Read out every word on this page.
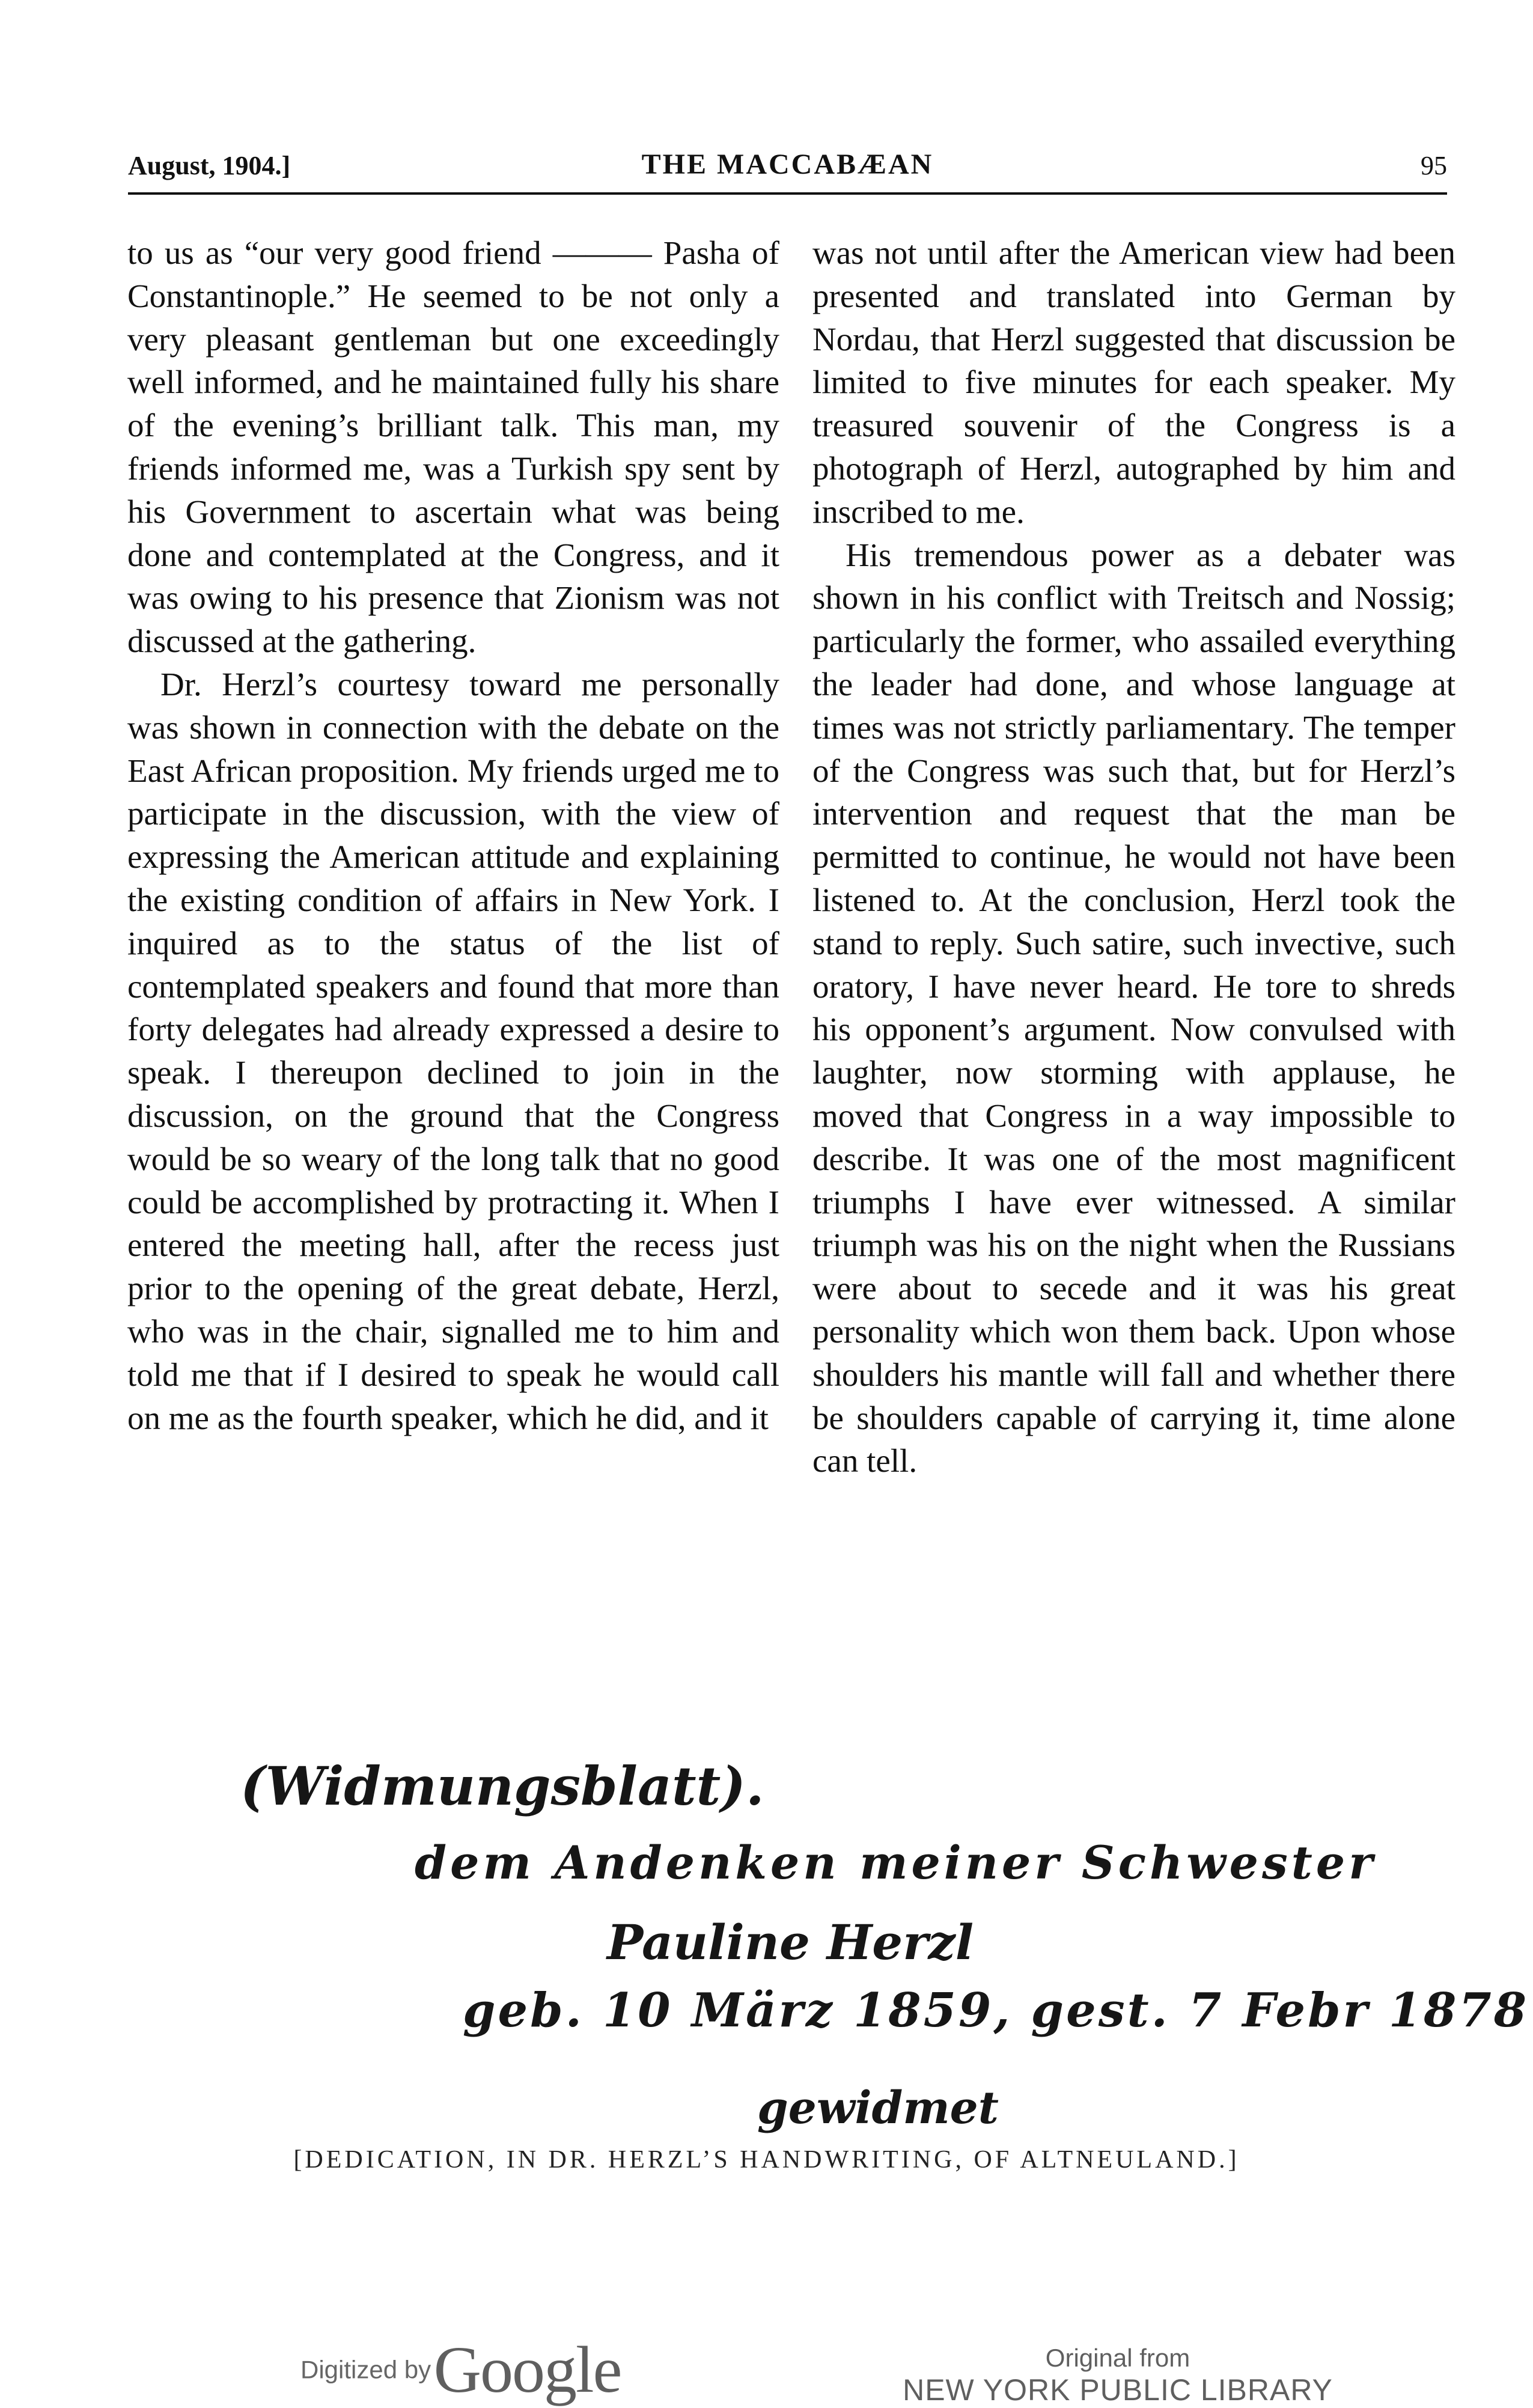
August, 1904.]	THE MACCABÆAN	95

to us as “our very good friend ——— Pasha of Constantinople.” He seemed to be not only a very pleasant gentleman but one exceedingly well informed, and he maintained fully his share of the evening’s brilliant talk. This man, my friends informed me, was a Turkish spy sent by his Government to ascertain what was being done and contemplated at the Congress, and it was owing to his presence that Zionism was not discussed at the gathering.

Dr. Herzl’s courtesy toward me personally was shown in connection with the debate on the East African proposition. My friends urged me to participate in the discussion, with the view of expressing the American attitude and explaining the existing condition of affairs in New York. I inquired as to the status of the list of contemplated speakers and found that more than forty delegates had already expressed a desire to speak. I thereupon declined to join in the discussion, on the ground that the Congress would be so weary of the long talk that no good could be accomplished by protracting it. When I entered the meeting hall, after the recess just prior to the opening of the great debate, Herzl, who was in the chair, signalled me to him and told me that if I desired to speak he would call on me as the fourth speaker, which he did, and it

was not until after the American view had been presented and translated into German by Nordau, that Herzl suggested that discussion be limited to five minutes for each speaker. My treasured souvenir of the Congress is a photograph of Herzl, autographed by him and inscribed to me.

His tremendous power as a debater was shown in his conflict with Treitsch and Nossig; particularly the former, who assailed everything the leader had done, and whose language at times was not strictly parliamentary. The temper of the Congress was such that, but for Herzl’s intervention and request that the man be permitted to continue, he would not have been listened to. At the conclusion, Herzl took the stand to reply. Such satire, such invective, such oratory, I have never heard. He tore to shreds his opponent’s argument. Now convulsed with laughter, now storming with applause, he moved that Congress in a way impossible to describe. It was one of the most magnificent triumphs I have ever witnessed. A similar triumph was his on the night when the Russians were about to secede and it was his great personality which won them back. Upon whose shoulders his mantle will fall and whether there be shoulders capable of carrying it, time alone can tell.

(Widmungsblatt).
dem Andenken meiner Schwester
Pauline Herzl
geb. 10 März 1859, gest. 7 Febr 1878
gewidmet
[DEDICATION, IN DR. HERZL’S HANDWRITING, OF ALTNEULAND.]
Digitized by Google	Original from
NEW YORK PUBLIC LIBRARY
